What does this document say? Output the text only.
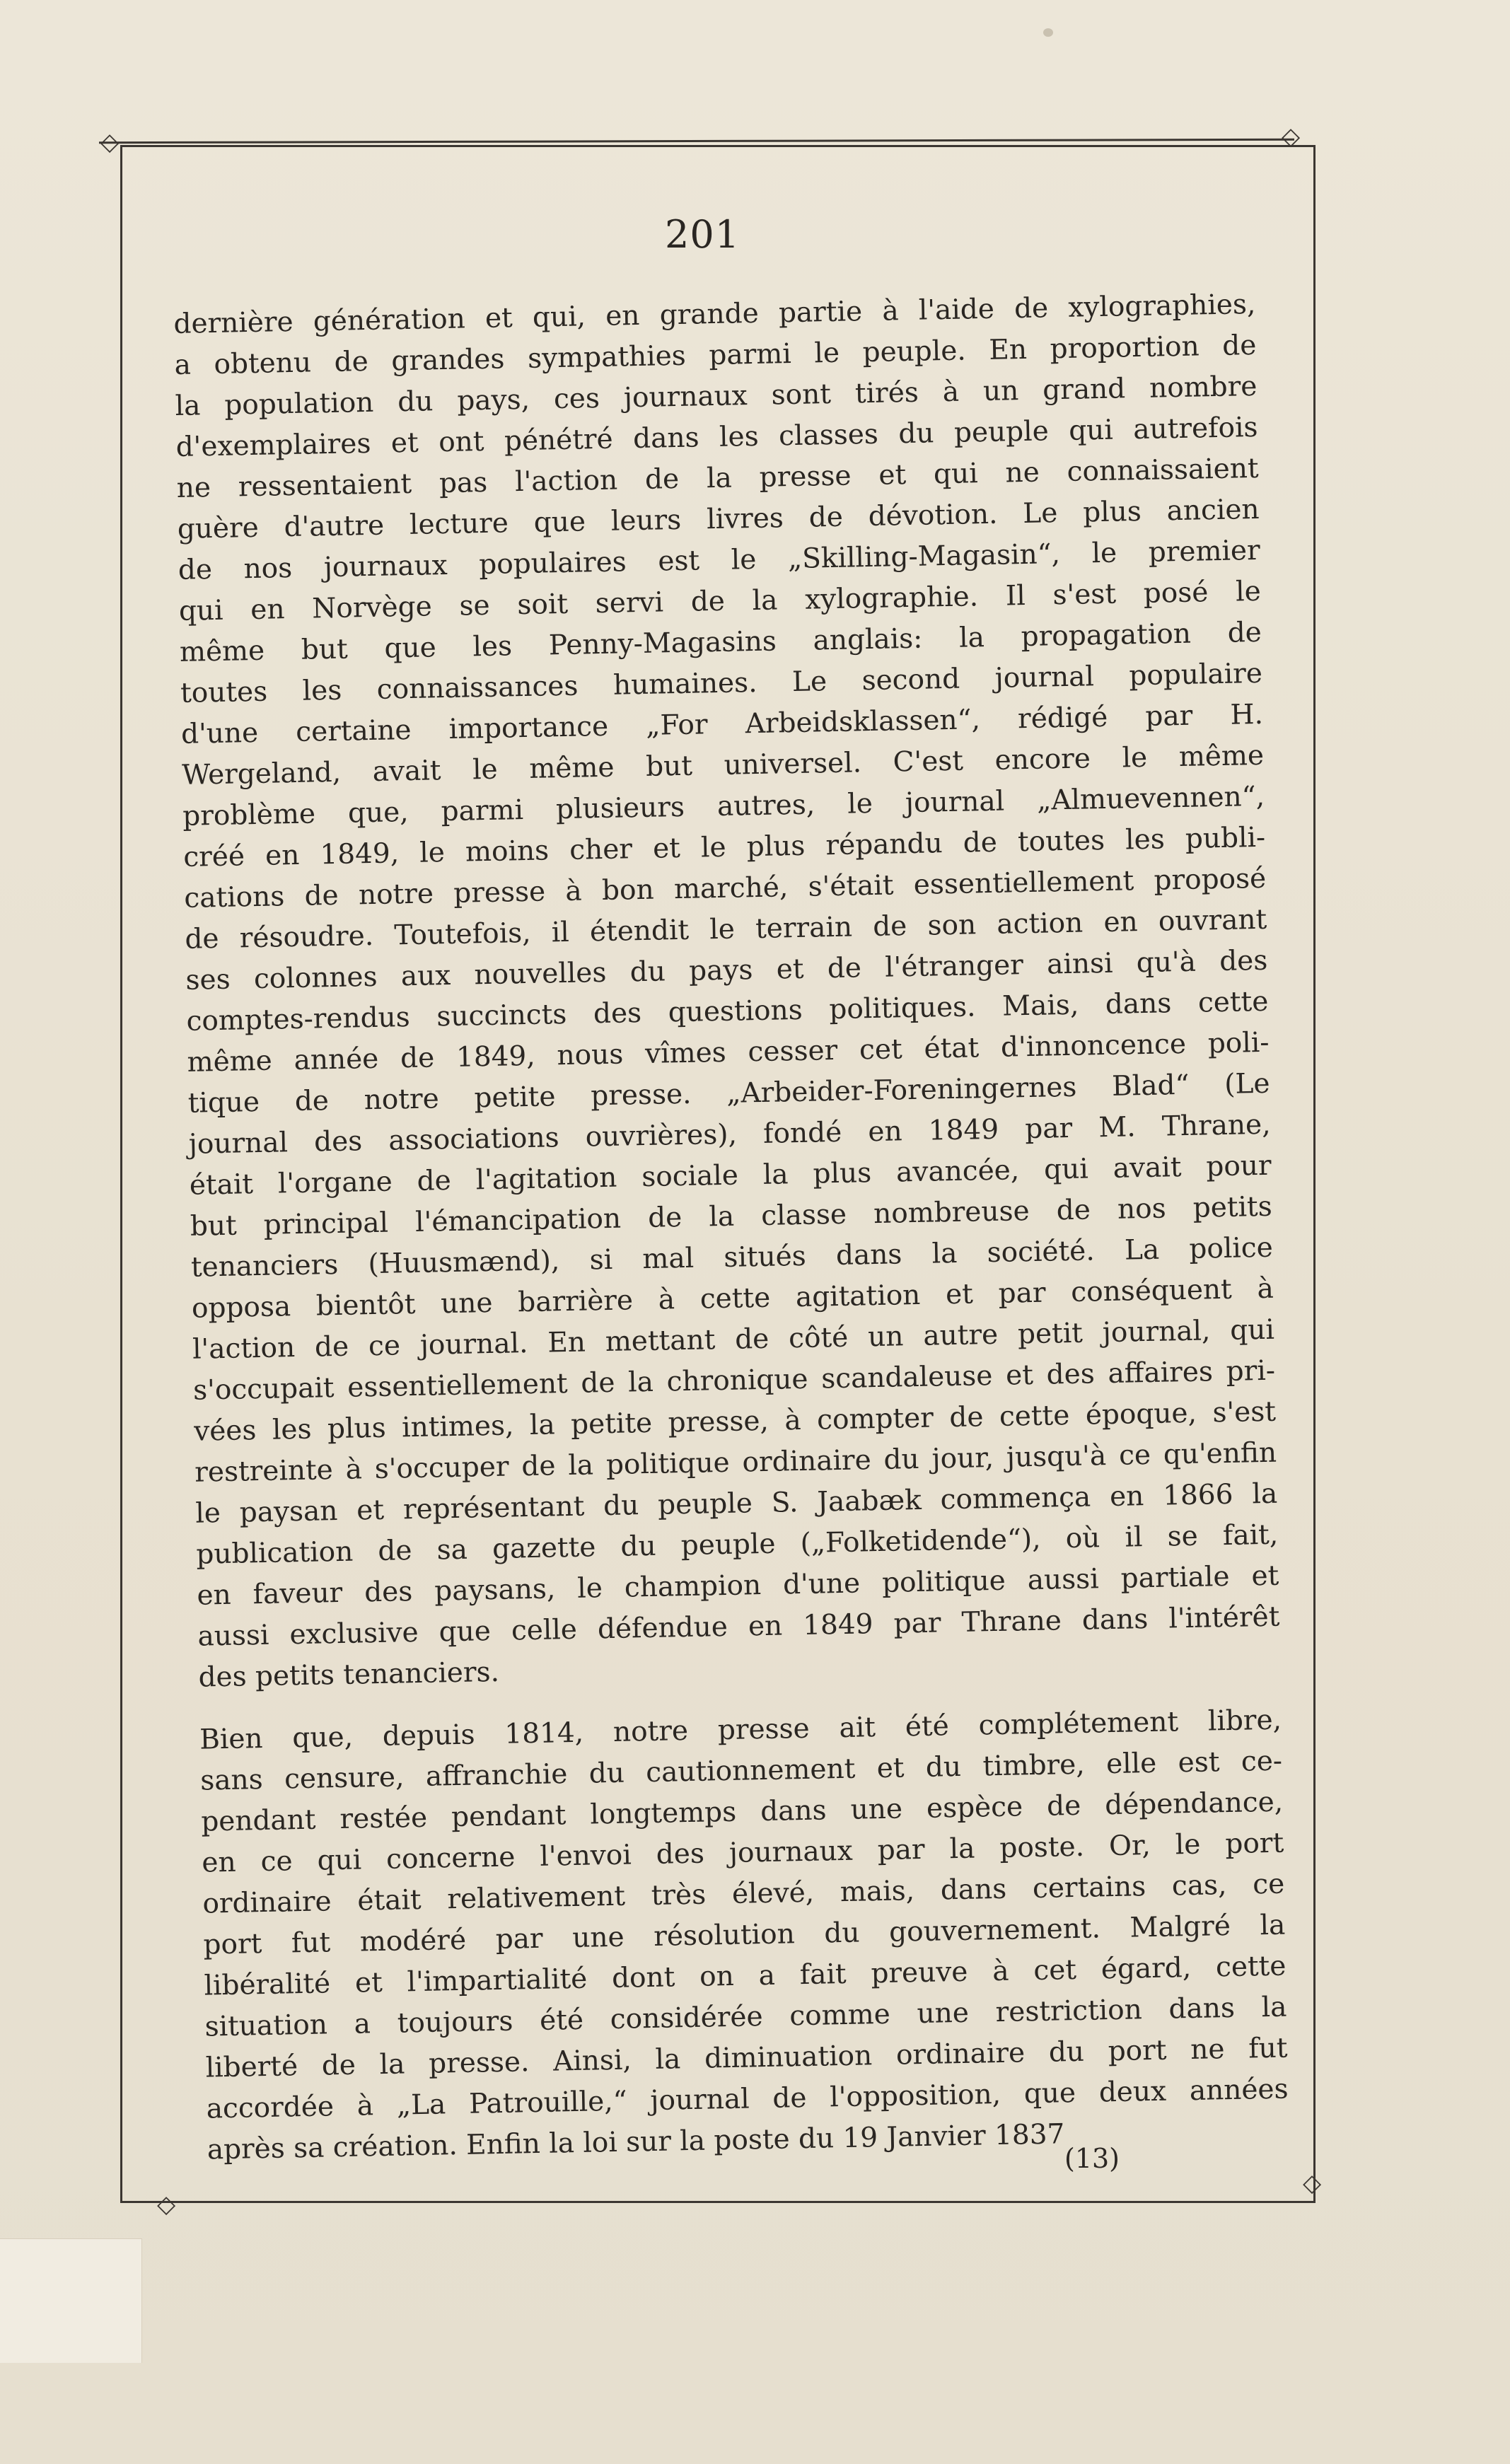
◇	◇
◇
◇
201
dernière génération et qui, en grande partie à l'aide de xylographies,
a obtenu de grandes sympathies parmi le peuple. En proportion de
la population du pays, ces journaux sont tirés à un grand nombre
d'exemplaires et ont pénétré dans les classes du peuple qui autrefois
ne ressentaient pas l'action de la presse et qui ne connaissaient
guère d'autre lecture que leurs livres de dévotion. Le plus ancien
de nos journaux populaires est le „Skilling-Magasin“, le premier
qui en Norvège se soit servi de la xylographie. Il s'est posé le
même but que les Penny-Magasins anglais: la propagation de
toutes les connaissances humaines. Le second journal populaire
d'une certaine importance „For Arbeidsklassen“, rédigé par H.
Wergeland, avait le même but universel. C'est encore le même
problème que, parmi plusieurs autres, le journal „Almuevennen“,
créé en 1849, le moins cher et le plus répandu de toutes les publi-
cations de notre presse à bon marché, s'était essentiellement proposé
de résoudre. Toutefois, il étendit le terrain de son action en ouvrant
ses colonnes aux nouvelles du pays et de l'étranger ainsi qu'à des
comptes-rendus succincts des questions politiques. Mais, dans cette
même année de 1849, nous vîmes cesser cet état d'innoncence poli-
tique de notre petite presse. „Arbeider-Foreningernes Blad“ (Le
journal des associations ouvrières), fondé en 1849 par M. Thrane,
était l'organe de l'agitation sociale la plus avancée, qui avait pour
but principal l'émancipation de la classe nombreuse de nos petits
tenanciers (Huusmænd), si mal situés dans la société. La police
opposa bientôt une barrière à cette agitation et par conséquent à
l'action de ce journal. En mettant de côté un autre petit journal, qui
s'occupait essentiellement de la chronique scandaleuse et des affaires pri-
vées les plus intimes, la petite presse, à compter de cette époque, s'est
restreinte à s'occuper de la politique ordinaire du jour, jusqu'à ce qu'enfin
le paysan et représentant du peuple S. Jaabæk commença en 1866 la
publication de sa gazette du peuple („Folketidende“), où il se fait,
en faveur des paysans, le champion d'une politique aussi partiale et
aussi exclusive que celle défendue en 1849 par Thrane dans l'intérêt
des petits tenanciers.
Bien que, depuis 1814, notre presse ait été complétement libre,
sans censure, affranchie du cautionnement et du timbre, elle est ce-
pendant restée pendant longtemps dans une espèce de dépendance,
en ce qui concerne l'envoi des journaux par la poste. Or, le port
ordinaire était relativement très élevé, mais, dans certains cas, ce
port fut modéré par une résolution du gouvernement. Malgré la
libéralité et l'impartialité dont on a fait preuve à cet égard, cette
situation a toujours été considérée comme une restriction dans la
liberté de la presse. Ainsi, la diminuation ordinaire du port ne fut
accordée à „La Patrouille,“ journal de l'opposition, que deux années
après sa création. Enfin la loi sur la poste du 19 Janvier 1837 (13)
